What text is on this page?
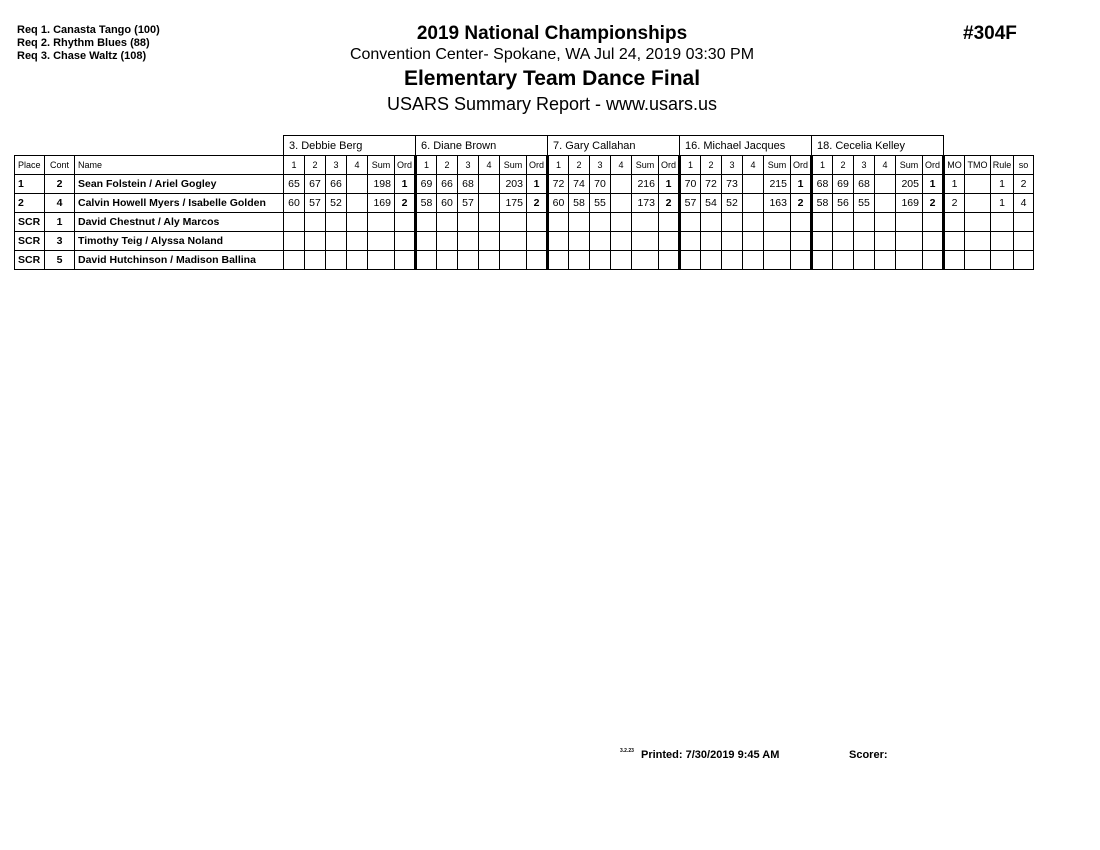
Req 1. Canasta Tango (100)
Req 2. Rhythm Blues (88)
Req 3. Chase Waltz (108)
2019 National Championships
Convention Center- Spokane, WA Jul 24, 2019 03:30 PM
Elementary Team Dance Final
USARS Summary Report - www.usars.us
#304F
			3. Debbie Berg						6. Diane Brown						7. Gary Callahan						16. Michael Jacques						18. Cecelia Kelley									
Place	Cont	Name	1	2	3	4	Sum	Ord	1	2	3	4	Sum	Ord	1	2	3	4	Sum	Ord	1	2	3	4	Sum	Ord	1	2	3	4	Sum	Ord	MO	TMO	Rule	so
1	2	Sean Folstein / Ariel Gogley	65	67	66		198	1	69	66	68		203	1	72	74	70		216	1	70	72	73		215	1	68	69	68		205	1	1		1	2
2	4	Calvin Howell Myers / Isabelle Golden	60	57	52		169	2	58	60	57		175	2	60	58	55		173	2	57	54	52		163	2	58	56	55		169	2	2		1	4
SCR	1	David Chestnut / Aly Marcos																																		
SCR	3	Timothy Teig / Alyssa Noland																																		
SCR	5	David Hutchinson / Madison Ballina																																		
3.2.23 Printed: 7/30/2019 9:45 AM	Scorer:
